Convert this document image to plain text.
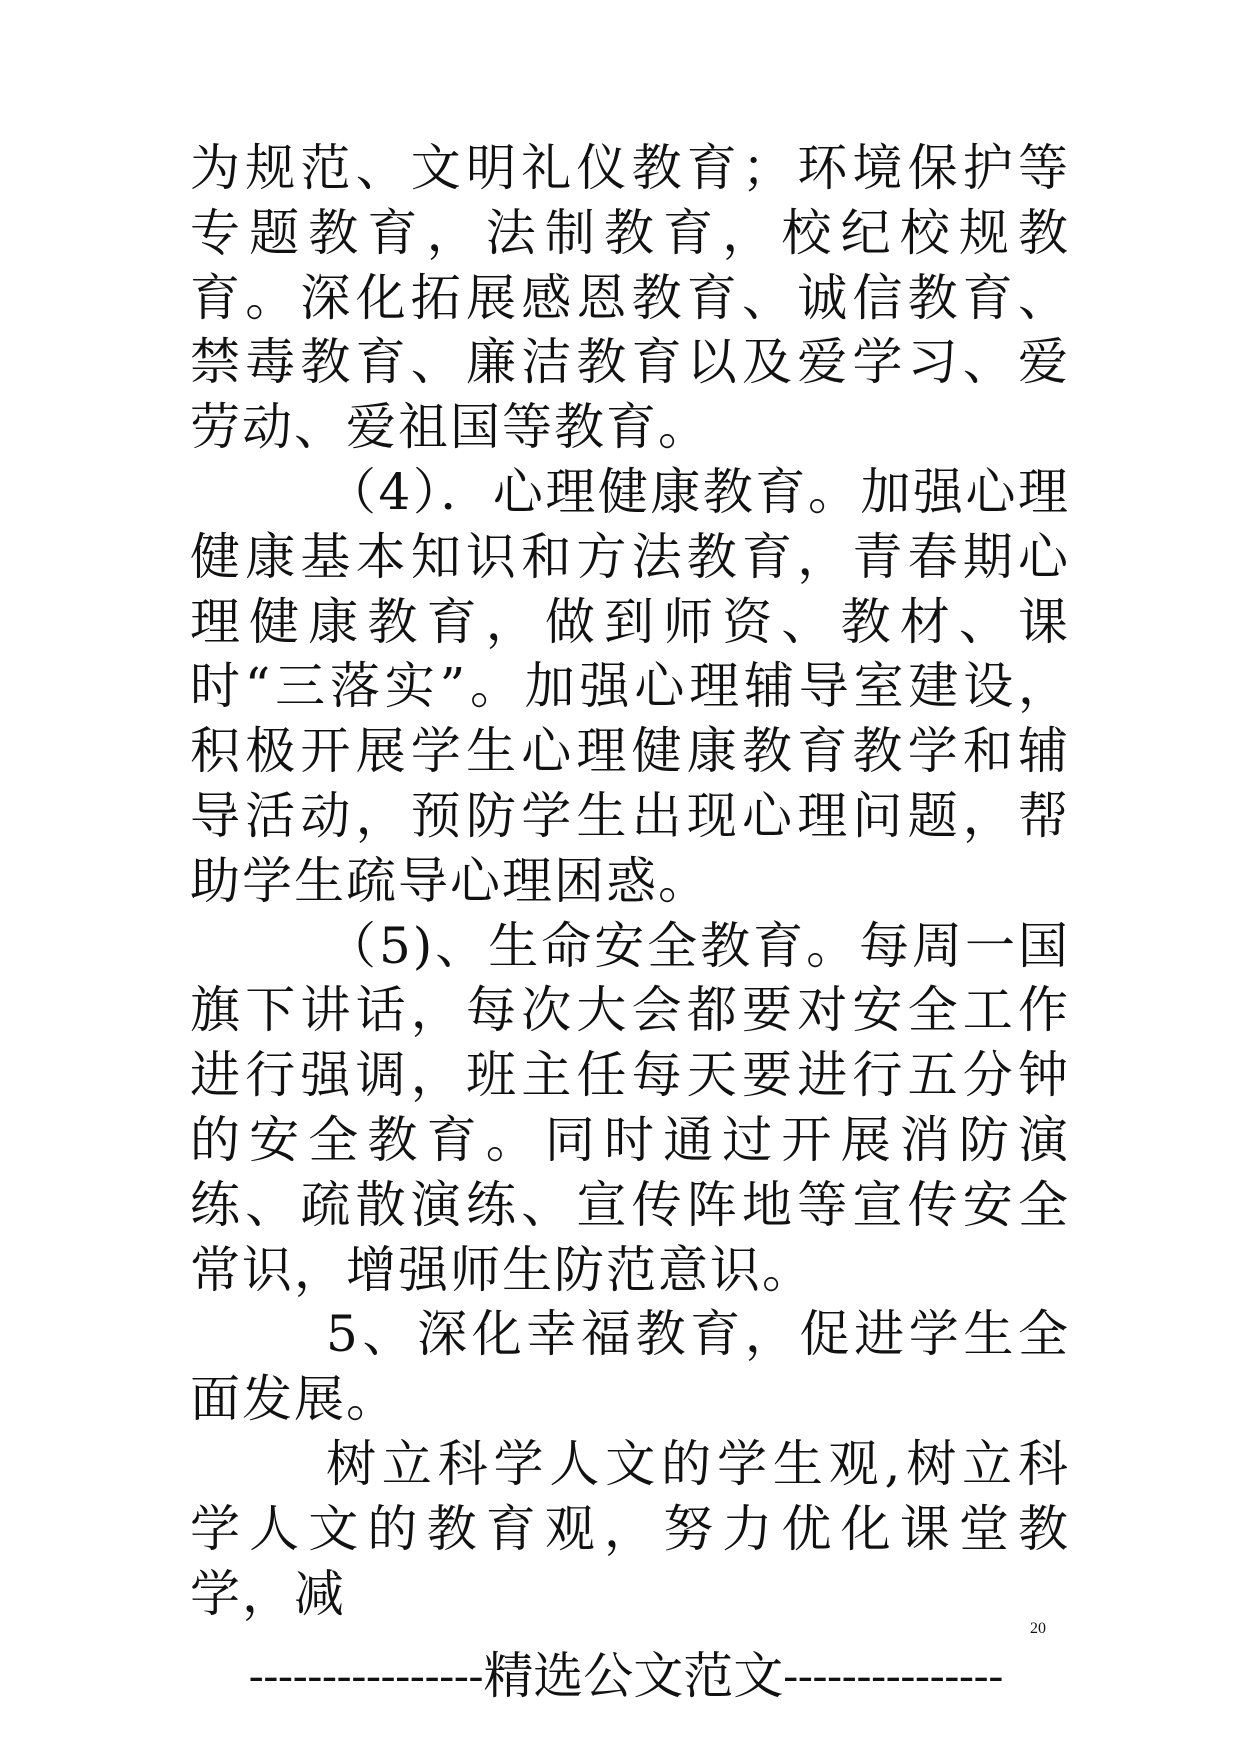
为规范、文明礼仪教育；环境保护等专题教育，法制教育，校纪校规教育。深化拓展感恩教育、诚信教育、禁毒教育、廉洁教育以及爱学习、爱劳动、爱祖国等教育。

（4）．心理健康教育。加强心理健康基本知识和方法教育，青春期心理健康教育，做到师资、教材、课时“三落实”。加强心理辅导室建设，积极开展学生心理健康教育教学和辅导活动，预防学生出现心理问题，帮助学生疏导心理困惑。

（5)、生命安全教育。每周一国旗下讲话，每次大会都要对安全工作进行强调，班主任每天要进行五分钟的安全教育。同时通过开展消防演练、疏散演练、宣传阵地等宣传安全常识，增强师生防范意识。

5、深化幸福教育，促进学生全面发展。

树立科学人文的学生观,树立科学人文的教育观，努力优化课堂教学，减

20
---------------- 精选公文范文 ---------------
